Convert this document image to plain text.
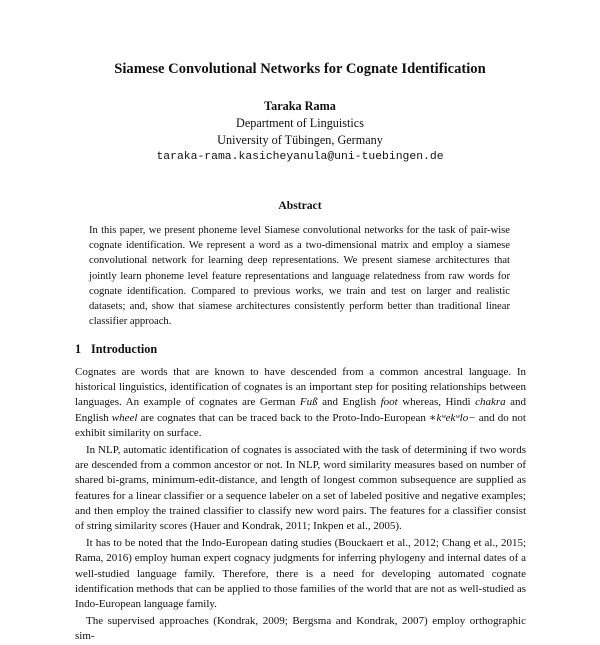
Siamese Convolutional Networks for Cognate Identification
Taraka Rama
Department of Linguistics
University of Tübingen, Germany
taraka-rama.kasicheyanula@uni-tuebingen.de
Abstract
In this paper, we present phoneme level Siamese convolutional networks for the task of pair-wise cognate identification. We represent a word as a two-dimensional matrix and employ a siamese convolutional network for learning deep representations. We present siamese architectures that jointly learn phoneme level feature representations and language relatedness from raw words for cognate identification. Compared to previous works, we train and test on larger and realistic datasets; and, show that siamese architectures consistently perform better than traditional linear classifier approach.
1 Introduction

Cognates are words that are known to have descended from a common ancestral language. In historical linguistics, identification of cognates is an important step for positing relationships between languages. An example of cognates are German Fuß and English foot whereas, Hindi chakra and English wheel are cognates that can be traced back to the Proto-Indo-European ∗kʷekʷlo− and do not exhibit similarity on surface.

In NLP, automatic identification of cognates is associated with the task of determining if two words are descended from a common ancestor or not. In NLP, word similarity measures based on number of shared bi-grams, minimum-edit-distance, and length of longest common subsequence are supplied as features for a linear classifier or a sequence labeler on a set of labeled positive and negative examples; and then employ the trained classifier to classify new word pairs. The features for a classifier consist of string similarity scores (Hauer and Kondrak, 2011; Inkpen et al., 2005).

It has to be noted that the Indo-European dating studies (Bouckaert et al., 2012; Chang et al., 2015; Rama, 2016) employ human expert cognacy judgments for inferring phylogeny and internal dates of a well-studied language family. Therefore, there is a need for developing automated cognate identification methods that can be applied to those families of the world that are not as well-studied as Indo-European language family.

The supervised approaches (Kondrak, 2009; Bergsma and Kondrak, 2007) employ orthographic sim-
